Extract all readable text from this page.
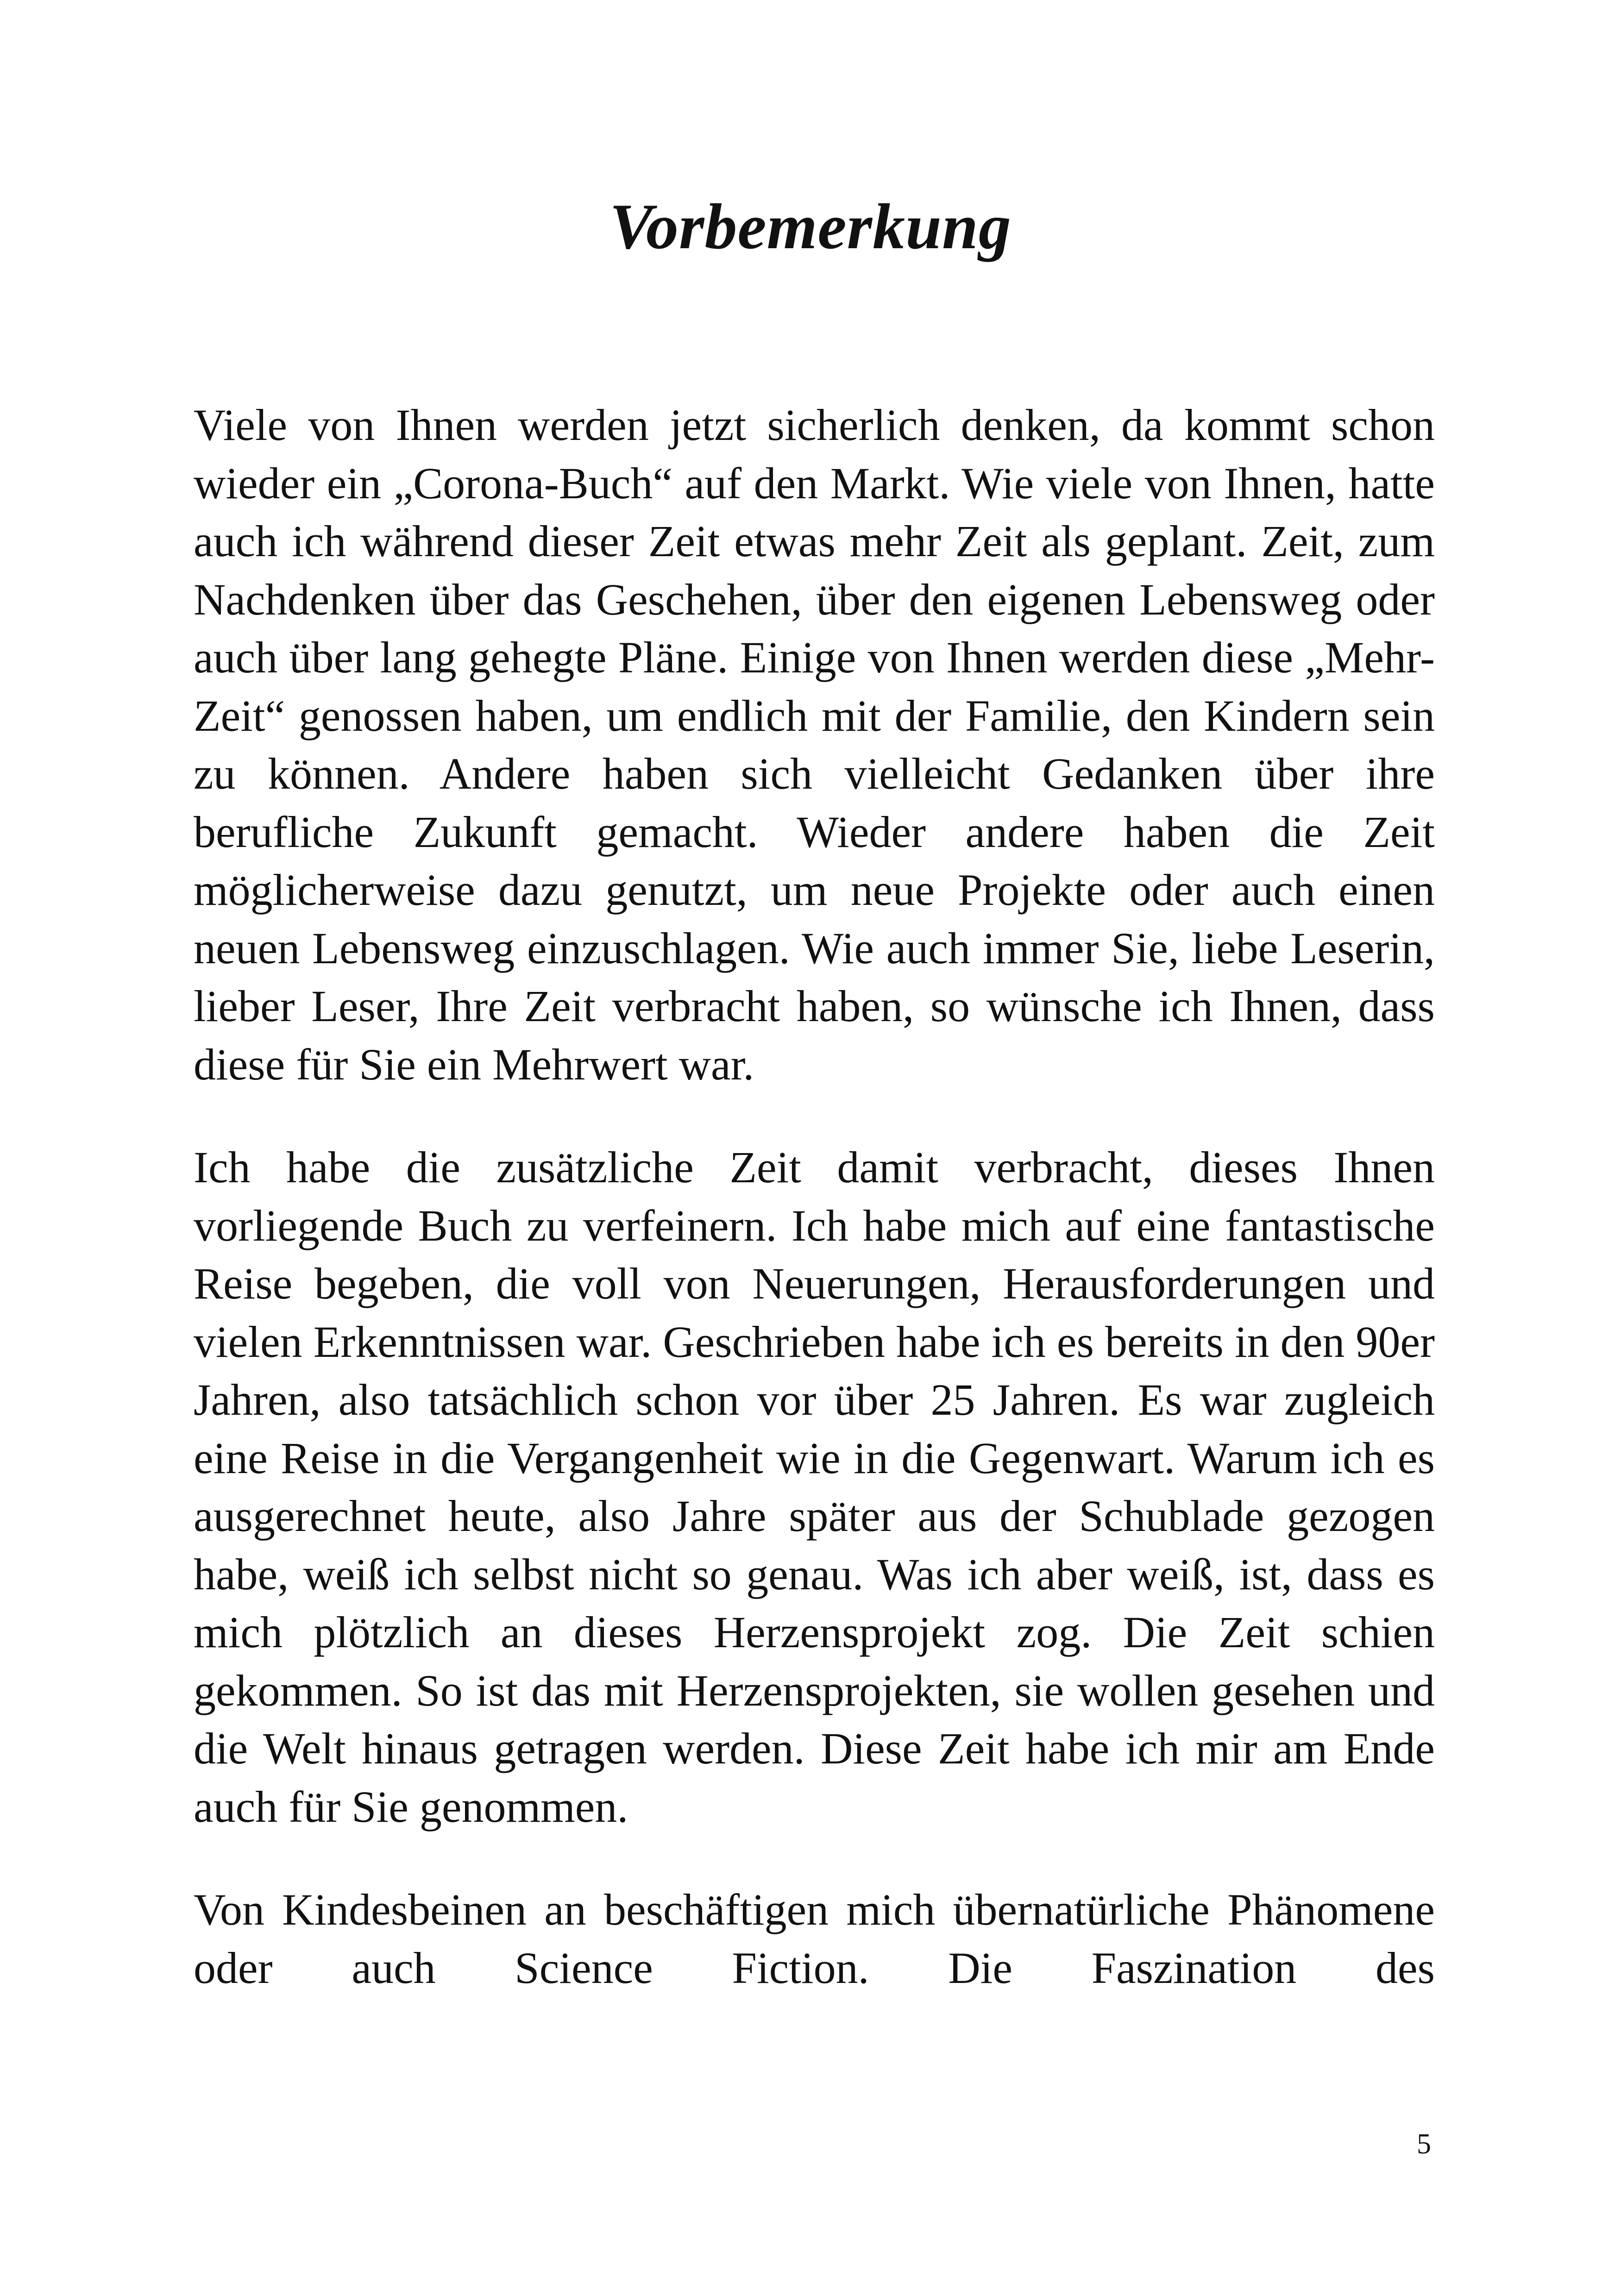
Vorbemerkung

Viele von Ihnen werden jetzt sicherlich denken, da kommt schon wieder ein „Corona-Buch“ auf den Markt. Wie viele von Ihnen, hatte auch ich während dieser Zeit etwas mehr Zeit als geplant. Zeit, zum Nachdenken über das Geschehen, über den eigenen Lebensweg oder auch über lang gehegte Pläne. Einige von Ihnen werden diese „Mehr-Zeit“ genossen haben, um endlich mit der Familie, den Kindern sein zu können. Andere haben sich vielleicht Gedanken über ihre berufliche Zukunft gemacht. Wieder andere haben die Zeit möglicherweise dazu genutzt, um neue Projekte oder auch einen neuen Lebensweg einzuschlagen. Wie auch immer Sie, liebe Leserin, lieber Leser, Ihre Zeit verbracht haben, so wünsche ich Ihnen, dass diese für Sie ein Mehrwert war.

Ich habe die zusätzliche Zeit damit verbracht, dieses Ihnen vorliegende Buch zu verfeinern. Ich habe mich auf eine fantastische Reise begeben, die voll von Neuerungen, Herausforderungen und vielen Erkenntnissen war. Geschrieben habe ich es bereits in den 90er Jahren, also tatsächlich schon vor über 25 Jahren. Es war zugleich eine Reise in die Vergangenheit wie in die Gegenwart. Warum ich es ausgerechnet heute, also Jahre später aus der Schublade gezogen habe, weiß ich selbst nicht so genau. Was ich aber weiß, ist, dass es mich plötzlich an dieses Herzensprojekt zog. Die Zeit schien gekommen. So ist das mit Herzensprojekten, sie wollen gesehen und die Welt hinaus getragen werden. Diese Zeit habe ich mir am Ende auch für Sie genommen.

Von Kindesbeinen an beschäftigen mich übernatürliche Phänomene oder auch Science Fiction. Die Faszination des

5
